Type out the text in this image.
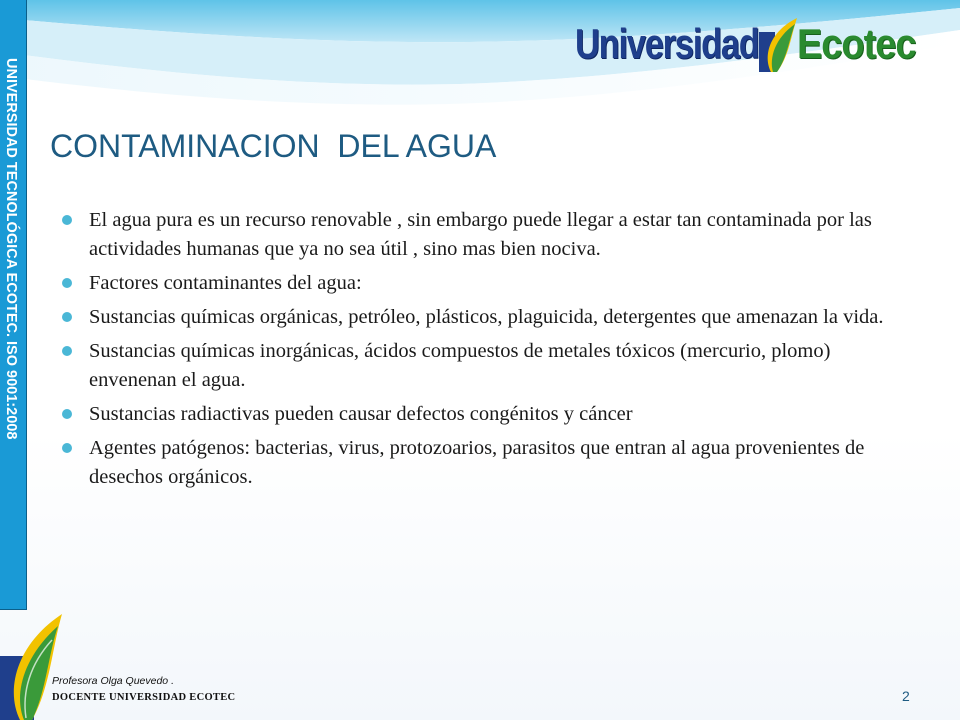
Universidad Ecotec
UNIVERSIDAD TECNOLÓGICA ECOTEC. ISO 9001:2008 CONTAMINACION  DEL AGUA
El agua pura es un recurso renovable , sin embargo puede llegar a estar tan contaminada por las actividades humanas que ya no sea útil , sino mas bien nociva.
Factores contaminantes del agua:
Sustancias químicas orgánicas, petróleo, plásticos, plaguicida, detergentes que amenazan la vida.
Sustancias químicas inorgánicas, ácidos compuestos de metales tóxicos (mercurio, plomo) envenenan el agua.
Sustancias radiactivas pueden causar defectos congénitos y cáncer
Agentes patógenos: bacterias, virus, protozoarios, parasitos que entran al agua provenientes de desechos orgánicos.
Profesora Olga Quevedo .
DOCENTE UNIVERSIDAD ECOTEC	2
